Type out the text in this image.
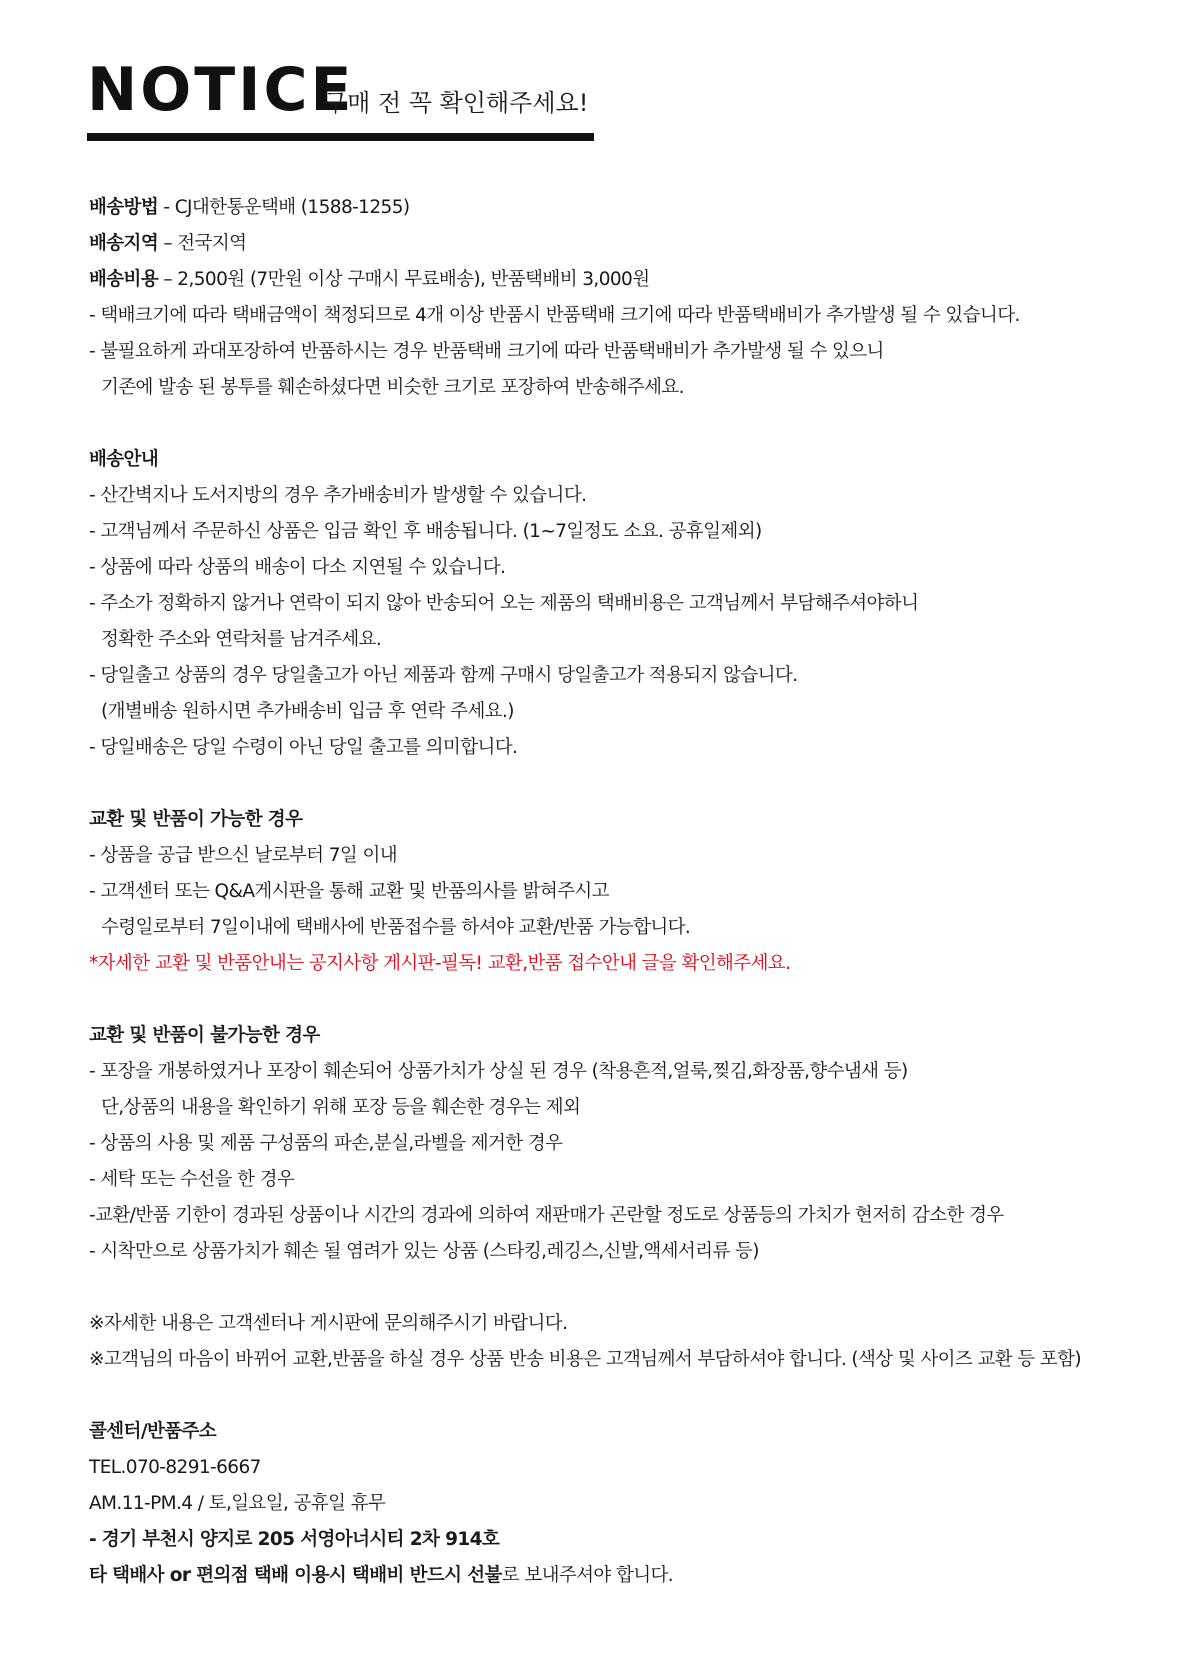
NOTICE
구매 전 꼭 확인해주세요!
배송방법 - CJ대한통운택배 (1588-1255)
배송지역 – 전국지역
배송비용 – 2,500원 (7만원 이상 구매시 무료배송), 반품택배비 3,000원
- 택배크기에 따라 택배금액이 책정되므로 4개 이상 반품시 반품택배 크기에 따라 반품택배비가 추가발생 될 수 있습니다.
- 불필요하게 과대포장하여 반품하시는 경우 반품택배 크기에 따라 반품택배비가 추가발생 될 수 있으니
기존에 발송 된 봉투를 훼손하셨다면 비슷한 크기로 포장하여 반송해주세요.
배송안내
- 산간벽지나 도서지방의 경우 추가배송비가 발생할 수 있습니다.
- 고객님께서 주문하신 상품은 입금 확인 후 배송됩니다. (1~7일정도 소요. 공휴일제외)
- 상품에 따라 상품의 배송이 다소 지연될 수 있습니다.
- 주소가 정확하지 않거나 연락이 되지 않아 반송되어 오는 제품의 택배비용은 고객님께서 부담해주셔야하니
정확한 주소와 연락처를 남겨주세요.
- 당일출고 상품의 경우 당일출고가 아닌 제품과 함께 구매시 당일출고가 적용되지 않습니다.
(개별배송 원하시면 추가배송비 입금 후 연락 주세요.)
- 당일배송은 당일 수령이 아닌 당일 출고를 의미합니다.
교환 및 반품이 가능한 경우
- 상품을 공급 받으신 날로부터 7일 이내
- 고객센터 또는 Q&A게시판을 통해 교환 및 반품의사를 밝혀주시고
수령일로부터 7일이내에 택배사에 반품접수를 하셔야 교환/반품 가능합니다.
*자세한 교환 및 반품안내는 공지사항 게시판-필독! 교환,반품 접수안내 글을 확인해주세요.
교환 및 반품이 불가능한 경우
- 포장을 개봉하였거나 포장이 훼손되어 상품가치가 상실 된 경우 (착용흔적,얼룩,찢김,화장품,향수냄새 등)
단,상품의 내용을 확인하기 위해 포장 등을 훼손한 경우는 제외
- 상품의 사용 및 제품 구성품의 파손,분실,라벨을 제거한 경우
- 세탁 또는 수선을 한 경우
-교환/반품 기한이 경과된 상품이나 시간의 경과에 의하여 재판매가 곤란할 정도로 상품등의 가치가 현저히 감소한 경우
- 시착만으로 상품가치가 훼손 될 염려가 있는 상품 (스타킹,레깅스,신발,액세서리류 등)
※자세한 내용은 고객센터나 게시판에 문의해주시기 바랍니다.
※고객님의 마음이 바뀌어 교환,반품을 하실 경우 상품 반송 비용은 고객님께서 부담하셔야 합니다. (색상 및 사이즈 교환 등 포함)
콜센터/반품주소
TEL.070-8291-6667
AM.11-PM.4 / 토,일요일, 공휴일 휴무
- 경기 부천시 양지로 205 서영아너시티 2차 914호
타 택배사 or 편의점 택배 이용시 택배비 반드시 선불로 보내주셔야 합니다.
